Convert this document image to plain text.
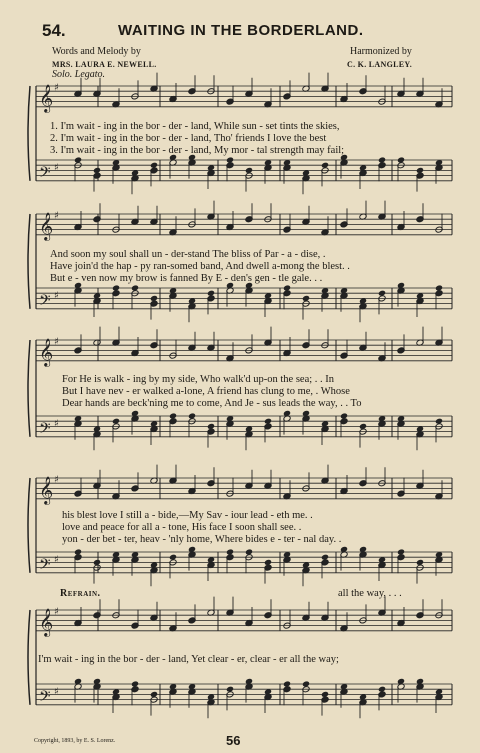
54.	WAITING IN THE BORDERLAND.
Words and Melody by
MRS. LAURA E. NEWELL.
Harmonized by
C. K. LANGLEY.
Solo. Legato.
𝄞 ♯
𝄢 ♯
𝄞 ♯
𝄢 ♯
𝄞 ♯
𝄢 ♯
𝄞 ♯
𝄢 ♯
𝄞 ♯
𝄢 ♯
1. I'm wait - ing in the bor - der - land, While sun - set tints the skies,
2. I'm wait - ing in the bor - der - land, Tho' friends I love the best
3. I'm wait - ing in the bor - der - land, My mor - tal strength may fail;
And soon my soul shall un - der-stand The bliss of Par - a - dise, .
Have join'd the hap - py ran-somed band, And dwell a-mong the blest. .
But e - ven now my brow is fanned By E - den's gen - tle gale. . .
For He is walk - ing by my side, Who walk'd up-on the sea; . . In
But I have nev - er walked a-lone, A friend has clung to me, . Whose
Dear hands are beck'ning me to come, And Je - sus leads the way, . . To
his blest love I still a - bide,—My Sav - iour lead - eth me. .
love and peace for all a - tone, His face I soon shall see. .
yon - der bet - ter, heav - 'nly home, Where bides e - ter - nal day. .
Refrain.	all the way, . . .
I'm wait - ing in the bor - der - land, Yet clear - er, clear - er all the way;
56
Copyright, 1893, by E. S. Lorenz.
